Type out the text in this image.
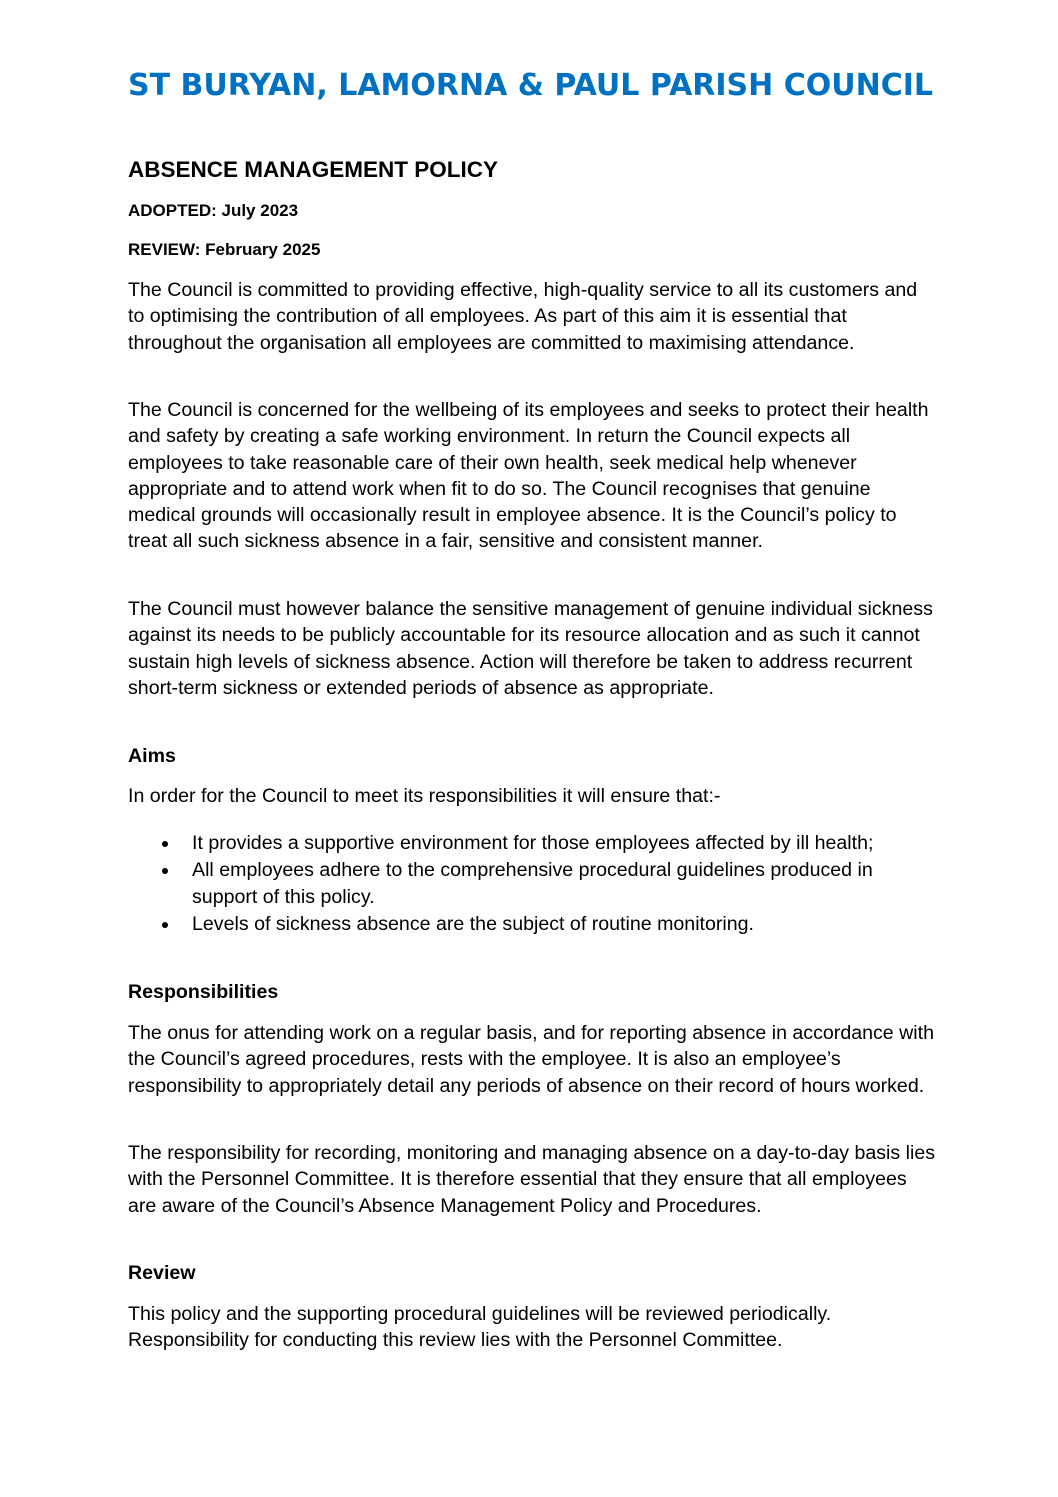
ST BURYAN, LAMORNA & PAUL PARISH COUNCIL
ABSENCE MANAGEMENT POLICY

ADOPTED: July 2023

REVIEW: February 2025

The Council is committed to providing effective, high-quality service to all its customers and to optimising the contribution of all employees. As part of this aim it is essential that throughout the organisation all employees are committed to maximising attendance.

The Council is concerned for the wellbeing of its employees and seeks to protect their health and safety by creating a safe working environment. In return the Council expects all employees to take reasonable care of their own health, seek medical help whenever appropriate and to attend work when fit to do so. The Council recognises that genuine medical grounds will occasionally result in employee absence. It is the Council’s policy to treat all such sickness absence in a fair, sensitive and consistent manner.

The Council must however balance the sensitive management of genuine individual sickness against its needs to be publicly accountable for its resource allocation and as such it cannot sustain high levels of sickness absence. Action will therefore be taken to address recurrent short-term sickness or extended periods of absence as appropriate.

Aims

In order for the Council to meet its responsibilities it will ensure that:-

It provides a supportive environment for those employees affected by ill health;
All employees adhere to the comprehensive procedural guidelines produced in support of this policy.
Levels of sickness absence are the subject of routine monitoring.
Responsibilities

The onus for attending work on a regular basis, and for reporting absence in accordance with the Council’s agreed procedures, rests with the employee. It is also an employee’s responsibility to appropriately detail any periods of absence on their record of hours worked.

The responsibility for recording, monitoring and managing absence on a day-to-day basis lies with the Personnel Committee. It is therefore essential that they ensure that all employees are aware of the Council’s Absence Management Policy and Procedures.

Review

This policy and the supporting procedural guidelines will be reviewed periodically. Responsibility for conducting this review lies with the Personnel Committee.
